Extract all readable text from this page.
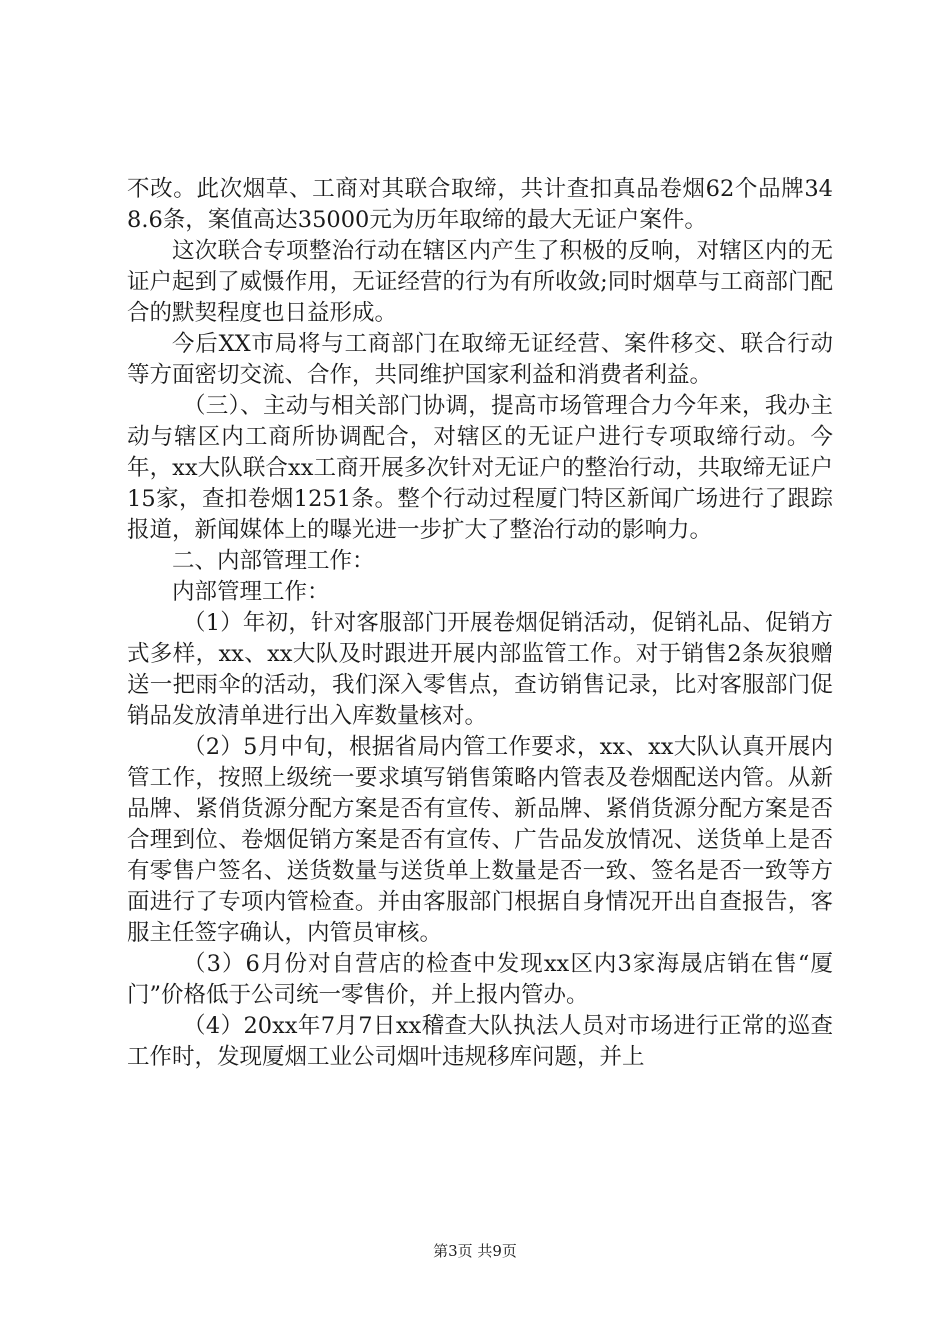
不改。此次烟草、工商对其联合取缔，共计查扣真品卷烟62个品牌348.6条，案值高达35000元为历年取缔的最大无证户案件。

这次联合专项整治行动在辖区内产生了积极的反响，对辖区内的无证户起到了威慑作用，无证经营的行为有所收敛;同时烟草与工商部门配合的默契程度也日益形成。

今后XX市局将与工商部门在取缔无证经营、案件移交、联合行动等方面密切交流、合作，共同维护国家利益和消费者利益。

（三）、主动与相关部门协调，提高市场管理合力今年来，我办主动与辖区内工商所协调配合，对辖区的无证户进行专项取缔行动。今年，xx大队联合xx工商开展多次针对无证户的整治行动，共取缔无证户15家，查扣卷烟1251条。整个行动过程厦门特区新闻广场进行了跟踪报道，新闻媒体上的曝光进一步扩大了整治行动的影响力。

二、内部管理工作：

内部管理工作：

（1）年初，针对客服部门开展卷烟促销活动，促销礼品、促销方式多样，xx、xx大队及时跟进开展内部监管工作。对于销售2条灰狼赠送一把雨伞的活动，我们深入零售点，查访销售记录，比对客服部门促销品发放清单进行出入库数量核对。

（2）5月中旬，根据省局内管工作要求，xx、xx大队认真开展内管工作，按照上级统一要求填写销售策略内管表及卷烟配送内管。从新品牌、紧俏货源分配方案是否有宣传、新品牌、紧俏货源分配方案是否合理到位、卷烟促销方案是否有宣传、广告品发放情况、送货单上是否有零售户签名、送货数量与送货单上数量是否一致、签名是否一致等方面进行了专项内管检查。并由客服部门根据自身情况开出自查报告，客服主任签字确认，内管员审核。

（3）6月份对自营店的检查中发现xx区内3家海晟店销在售“厦门”价格低于公司统一零售价，并上报内管办。

（4）20xx年7月7日xx稽查大队执法人员对市场进行正常的巡查工作时，发现厦烟工业公司烟叶违规移库问题，并上

第3页 共9页
